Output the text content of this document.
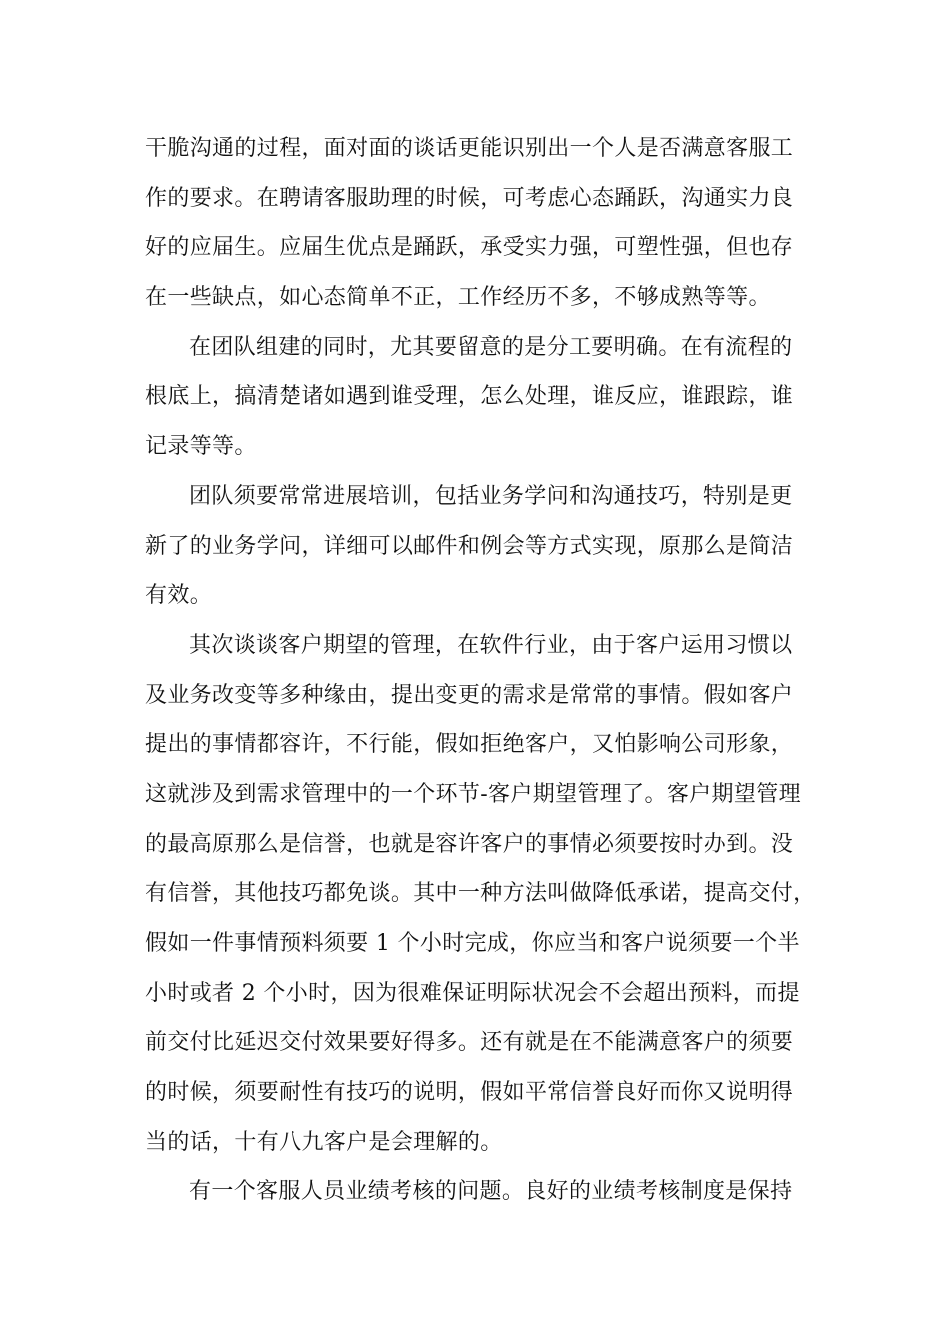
干脆沟通的过程，面对面的谈话更能识别出一个人是否满意客服工
作的要求。在聘请客服助理的时候，可考虑心态踊跃，沟通实力良
好的应届生。应届生优点是踊跃，承受实力强，可塑性强，但也存
在一些缺点，如心态简单不正，工作经历不多，不够成熟等等。
在团队组建的同时，尤其要留意的是分工要明确。在有流程的
根底上，搞清楚诸如遇到谁受理，怎么处理，谁反应，谁跟踪，谁
记录等等。
团队须要常常进展培训，包括业务学问和沟通技巧，特别是更
新了的业务学问，详细可以邮件和例会等方式实现，原那么是简洁
有效。
其次谈谈客户期望的管理，在软件行业，由于客户运用习惯以
及业务改变等多种缘由，提出变更的需求是常常的事情。假如客户
提出的事情都容许，不行能，假如拒绝客户，又怕影响公司形象，
这就涉及到需求管理中的一个环节-客户期望管理了。客户期望管理
的最高原那么是信誉，也就是容许客户的事情必须要按时办到。没
有信誉，其他技巧都免谈。其中一种方法叫做降低承诺，提高交付，
假如一件事情预料须要 1 个小时完成，你应当和客户说须要一个半
小时或者 2 个小时，因为很难保证明际状况会不会超出预料，而提
前交付比延迟交付效果要好得多。还有就是在不能满意客户的须要
的时候，须要耐性有技巧的说明，假如平常信誉良好而你又说明得
当的话，十有八九客户是会理解的。
有一个客服人员业绩考核的问题。良好的业绩考核制度是保持
